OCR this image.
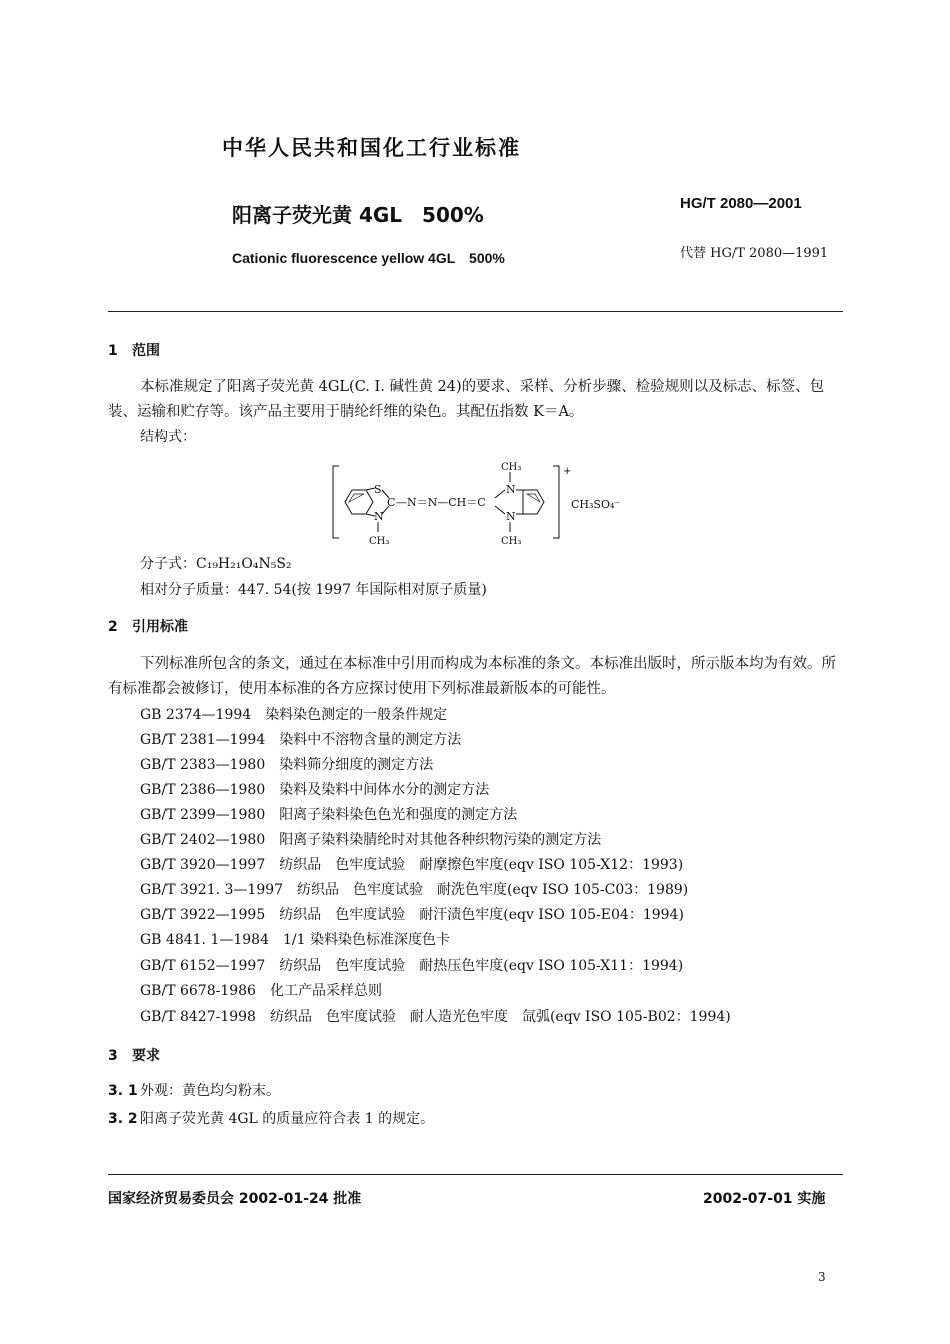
中华人民共和国化工行业标准
阳离子荧光黄 4GL　500%
Cationic fluorescence yellow 4GL　500%
HG/T 2080—2001
代替 HG/T 2080—1991
1 范围
本标准规定了阳离子荧光黄 4GL(C. I. 碱性黄 24)的要求、采样、分析步骤、检验规则以及标志、标签、包装、运输和贮存等。该产品主要用于腈纶纤维的染色。其配伍指数 K＝A。
结构式：
S
C
N
CH₃
—N＝N—CH＝C
N
N
CH₃
CH₃
+
CH₃SO₄⁻
分子式：C₁₉H₂₁O₄N₅S₂
相对分子质量：447. 54(按 1997 年国际相对原子质量)
2 引用标准
下列标准所包含的条文，通过在本标准中引用而构成为本标准的条文。本标准出版时，所示版本均为有效。所有标准都会被修订，使用本标准的各方应探讨使用下列标准最新版本的可能性。
GB 2374—1994 染料染色测定的一般条件规定
GB/T 2381—1994 染料中不溶物含量的测定方法
GB/T 2383—1980 染料筛分细度的测定方法
GB/T 2386—1980 染料及染料中间体水分的测定方法
GB/T 2399—1980 阳离子染料染色色光和强度的测定方法
GB/T 2402—1980 阳离子染料染腈纶时对其他各种织物污染的测定方法
GB/T 3920—1997 纺织品　色牢度试验　耐摩擦色牢度(eqv ISO 105-X12：1993)
GB/T 3921. 3—1997 纺织品　色牢度试验　耐洗色牢度(eqv ISO 105-C03：1989)
GB/T 3922—1995 纺织品　色牢度试验　耐汗渍色牢度(eqv ISO 105-E04：1994)
GB 4841. 1—1984 1/1 染料染色标准深度色卡
GB/T 6152—1997 纺织品　色牢度试验　耐热压色牢度(eqv ISO 105-X11：1994)
GB/T 6678-1986 化工产品采样总则
GB/T 8427-1998 纺织品　色牢度试验　耐人造光色牢度　氙弧(eqv ISO 105-B02：1994)
3 要求
3. 1 外观：黄色均匀粉末。
3. 2 阳离子荧光黄 4GL 的质量应符合表 1 的规定。
国家经济贸易委员会 2002-01-24 批准	2002-07-01 实施
3
